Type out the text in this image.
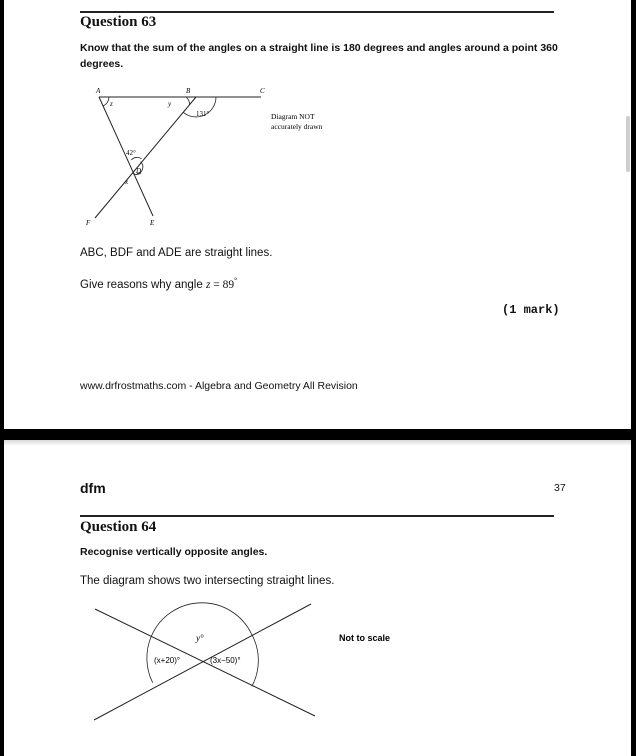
Question 63

Know that the sum of the angles on a straight line is 180 degrees and angles around a point 360 degrees.

A	B	C
D
E
F
z	y
131°
42°
x
Diagram NOT
accurately drawn

ABC, BDF and ADE are straight lines.

Give reasons why angle z = 89°

(1 mark)

www.drfrostmaths.com - Algebra and Geometry All Revision

dfm	37
Question 64

Recognise vertically opposite angles.

The diagram shows two intersecting straight lines.

y°
(x+20)°	(3x−50)°
Not to scale
